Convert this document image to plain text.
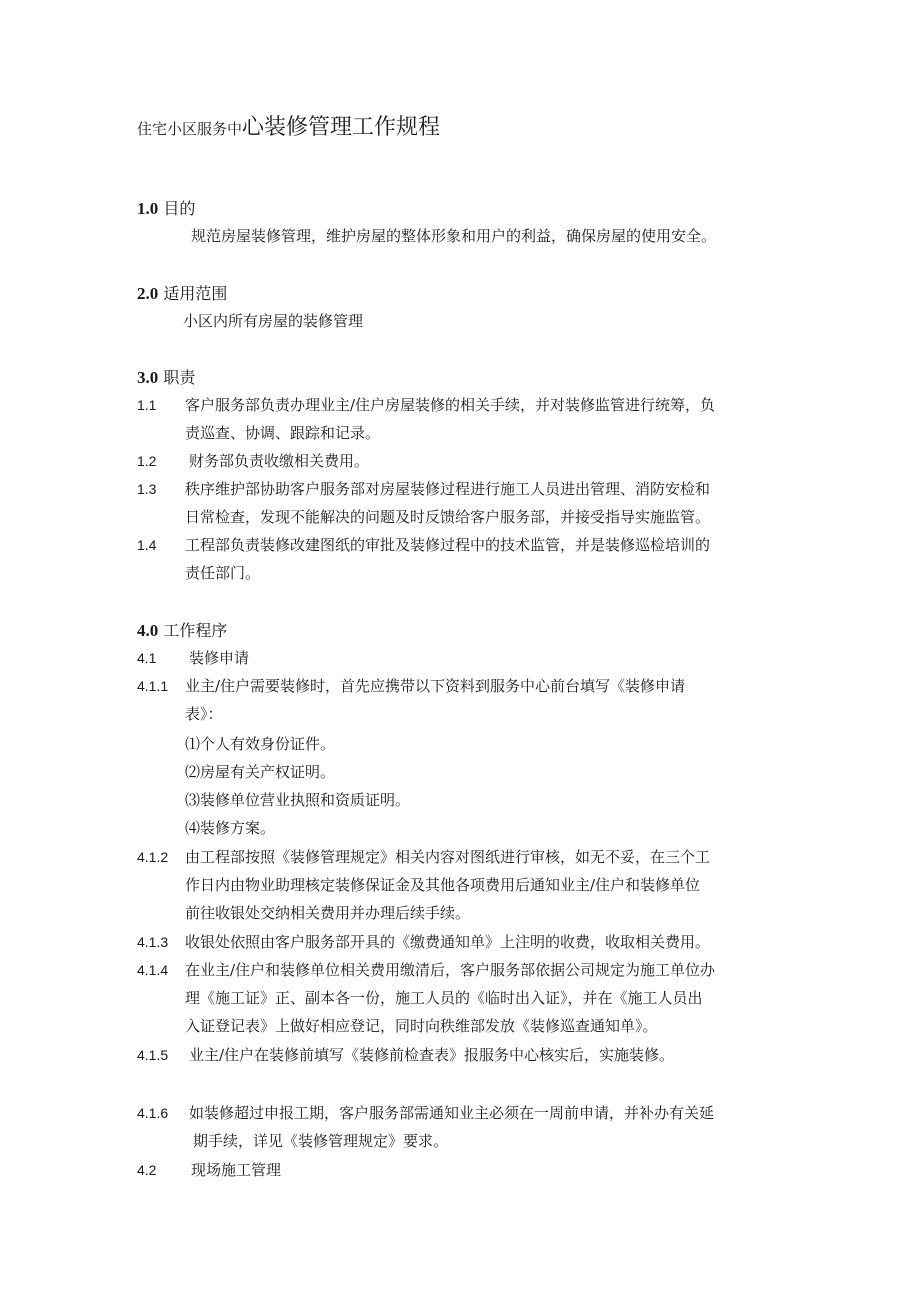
住宅小区服务中心装修管理工作规程
1.0 目的
规范房屋装修管理，维护房屋的整体形象和用户的利益，确保房屋的使用安全。
2.0 适用范围
小区内所有房屋的装修管理
3.0 职责
1.1 客户服务部负责办理业主/住户房屋装修的相关手续，并对装修监管进行统筹，负
责巡查、协调、跟踪和记录。
1.2 财务部负责收缴相关费用。
1.3 秩序维护部协助客户服务部对房屋装修过程进行施工人员进出管理、消防安检和
日常检查，发现不能解决的问题及时反馈给客户服务部，并接受指导实施监管。
1.4 工程部负责装修改建图纸的审批及装修过程中的技术监管，并是装修巡检培训的
责任部门。
4.0 工作程序
4.1 装修申请
4.1.1 业主/住户需要装修时，首先应携带以下资料到服务中心前台填写《装修申请
表》：
⑴个人有效身份证件。
⑵房屋有关产权证明。
⑶装修单位营业执照和资质证明。
⑷装修方案。
4.1.2 由工程部按照《装修管理规定》相关内容对图纸进行审核，如无不妥，在三个工
作日内由物业助理核定装修保证金及其他各项费用后通知业主/住户和装修单位
前往收银处交纳相关费用并办理后续手续。
4.1.3 收银处依照由客户服务部开具的《缴费通知单》上注明的收费，收取相关费用。
4.1.4 在业主/住户和装修单位相关费用缴清后，客户服务部依据公司规定为施工单位办
理《施工证》正、副本各一份，施工人员的《临时出入证》，并在《施工人员出
入证登记表》上做好相应登记，同时向秩维部发放《装修巡查通知单》。
4.1.5 业主/住户在装修前填写《装修前检查表》报服务中心核实后，实施装修。
4.1.6 如装修超过申报工期，客户服务部需通知业主必须在一周前申请，并补办有关延
期手续，详见《装修管理规定》要求。
4.2 现场施工管理
